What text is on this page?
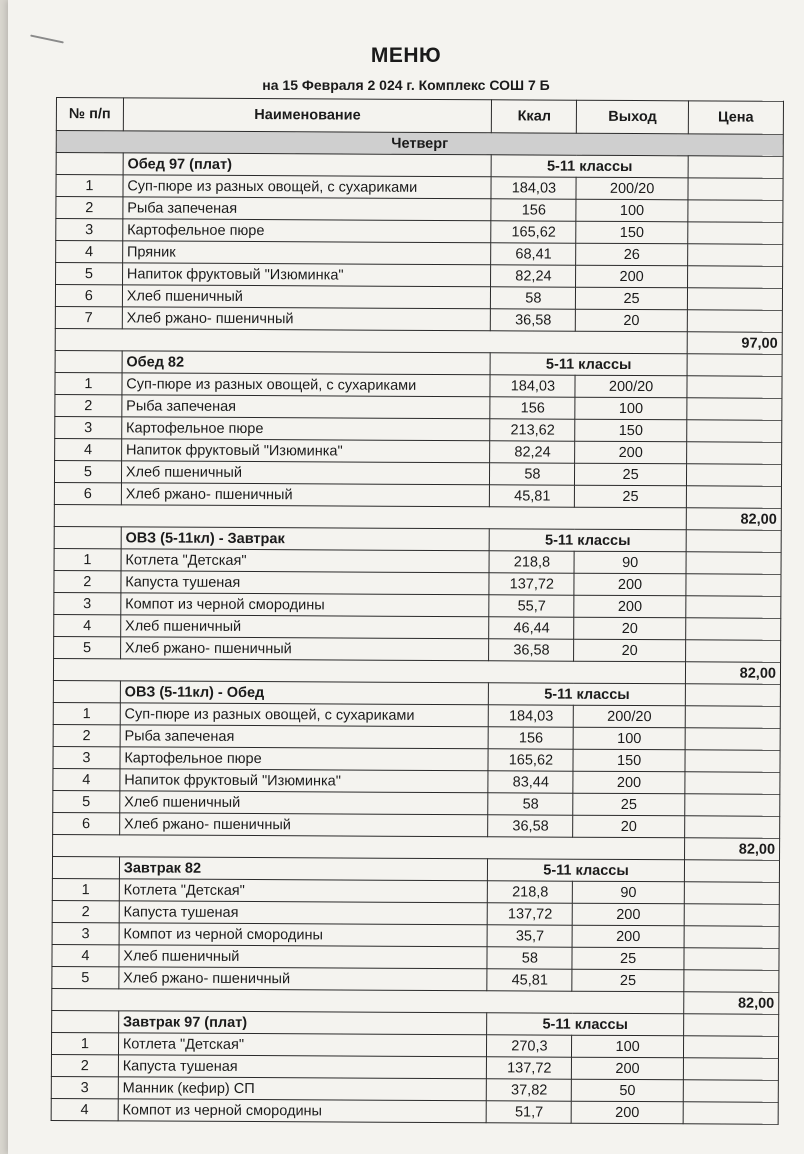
МЕНЮ
на 15 Февраля 2 024 г. Комплекс СОШ 7 Б
№ п/п	Наименование	Ккал	Выход	Цена
Четверг				
	Обед 97 (плат)	5-11 классы		
1	Суп-пюре из разных овощей, с сухариками	184,03	200/20	
2	Рыба запеченая	156	100	
3	Картофельное пюре	165,62	150	
4	Пряник	68,41	26	
5	Напиток фруктовый "Изюминка"	82,24	200	
6	Хлеб пшеничный	58	25	
7	Хлеб ржано- пшеничный	36,58	20	
				97,00
	Обед 82	5-11 классы		
1	Суп-пюре из разных овощей, с сухариками	184,03	200/20	
2	Рыба запеченая	156	100	
3	Картофельное пюре	213,62	150	
4	Напиток фруктовый "Изюминка"	82,24	200	
5	Хлеб пшеничный	58	25	
6	Хлеб ржано- пшеничный	45,81	25	
				82,00
	ОВЗ (5-11кл) - Завтрак	5-11 классы		
1	Котлета "Детская"	218,8	90	
2	Капуста тушеная	137,72	200	
3	Компот из черной смородины	55,7	200	
4	Хлеб пшеничный	46,44	20	
5	Хлеб ржано- пшеничный	36,58	20	
				82,00
	ОВЗ (5-11кл) - Обед	5-11 классы		
1	Суп-пюре из разных овощей, с сухариками	184,03	200/20	
2	Рыба запеченая	156	100	
3	Картофельное пюре	165,62	150	
4	Напиток фруктовый "Изюминка"	83,44	200	
5	Хлеб пшеничный	58	25	
6	Хлеб ржано- пшеничный	36,58	20	
				82,00
	Завтрак 82	5-11 классы		
1	Котлета "Детская"	218,8	90	
2	Капуста тушеная	137,72	200	
3	Компот из черной смородины	35,7	200	
4	Хлеб пшеничный	58	25	
5	Хлеб ржано- пшеничный	45,81	25	
				82,00
	Завтрак 97 (плат)	5-11 классы		
1	Котлета "Детская"	270,3	100	
2	Капуста тушеная	137,72	200	
3	Манник (кефир) СП	37,82	50	
4	Компот из черной смородины	51,7	200	
